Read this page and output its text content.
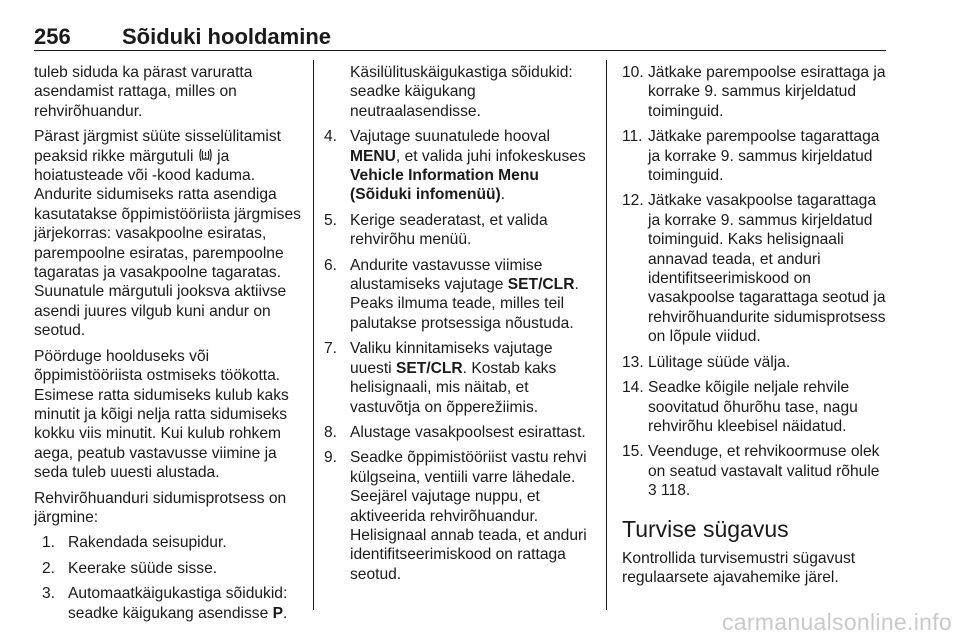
256 Sõiduki hooldamine

tuleb siduda ka pärast varuratta asendamist rattaga, milles on rehvirõhuandur.

Pärast järgmist süüte sisselülitamist peaksid rikke märgutuli  ja hoiatusteade või -kood kaduma. Andurite sidumiseks ratta asendiga kasutatakse õppimistööriista järgmises järjekorras: vasakpoolne esiratas, parempoolne esiratas, parempoolne tagaratas ja vasakpoolne tagaratas. Suunatule märgutuli jooksva aktiivse asendi juures vilgub kuni andur on seotud.

Pöörduge hoolduseks või õppimistööriista ostmiseks töökotta. Esimese ratta sidumiseks kulub kaks minutit ja kõigi nelja ratta sidumiseks kokku viis minutit. Kui kulub rohkem aega, peatub vastavusse viimine ja seda tuleb uuesti alustada.

Rehvirõhuanduri sidumisprotsess on järgmine:

1. Rakendada seisupidur.
2. Keerake süüde sisse.
3. Automaatkäigukastiga sõidukid: seadke käigukang asendisse P.

Käsilülituskäigukastiga sõidukid: seadke käigukang neutraalasendisse.

4. Vajutage suunatulede hooval MENU, et valida juhi infokeskuses Vehicle Information Menu (Sõiduki infomenüü).
5. Kerige seaderatast, et valida rehvirõhu menüü.
6. Andurite vastavusse viimise alustamiseks vajutage SET/CLR. Peaks ilmuma teade, milles teil palutakse protsessiga nõustuda.
7. Valiku kinnitamiseks vajutage uuesti SET/CLR. Kostab kaks helisignaali, mis näitab, et vastuvõtja on õpperežiimis.
8. Alustage vasakpoolsest esirattast.
9. Seadke õppimistööriist vastu rehvi külgseina, ventiili varre lähedale. Seejärel vajutage nuppu, et aktiveerida rehvirõhuandur. Helisignaal annab teada, et anduri identifitseerimiskood on rattaga seotud.
10. Jätkake parempoolse esirattaga ja korrake 9. sammus kirjeldatud toiminguid.
11. Jätkake parempoolse tagarattaga ja korrake 9. sammus kirjeldatud toiminguid.
12. Jätkake vasakpoolse tagarattaga ja korrake 9. sammus kirjeldatud toiminguid. Kaks helisignaali annavad teada, et anduri identifitseerimiskood on vasakpoolse tagarattaga seotud ja rehvirõhuandurite sidumisprotsess on lõpule viidud.
13. Lülitage süüde välja.
14. Seadke kõigile neljale rehvile soovitatud õhurõhu tase, nagu rehvirõhu kleebisel näidatud.
15. Veenduge, et rehvikoormuse olek on seatud vastavalt valitud rõhule 3 118.
Turvise sügavus

Kontrollida turvisemustri sügavust regulaarsete ajavahemike järel.

carmanualsonline.info
